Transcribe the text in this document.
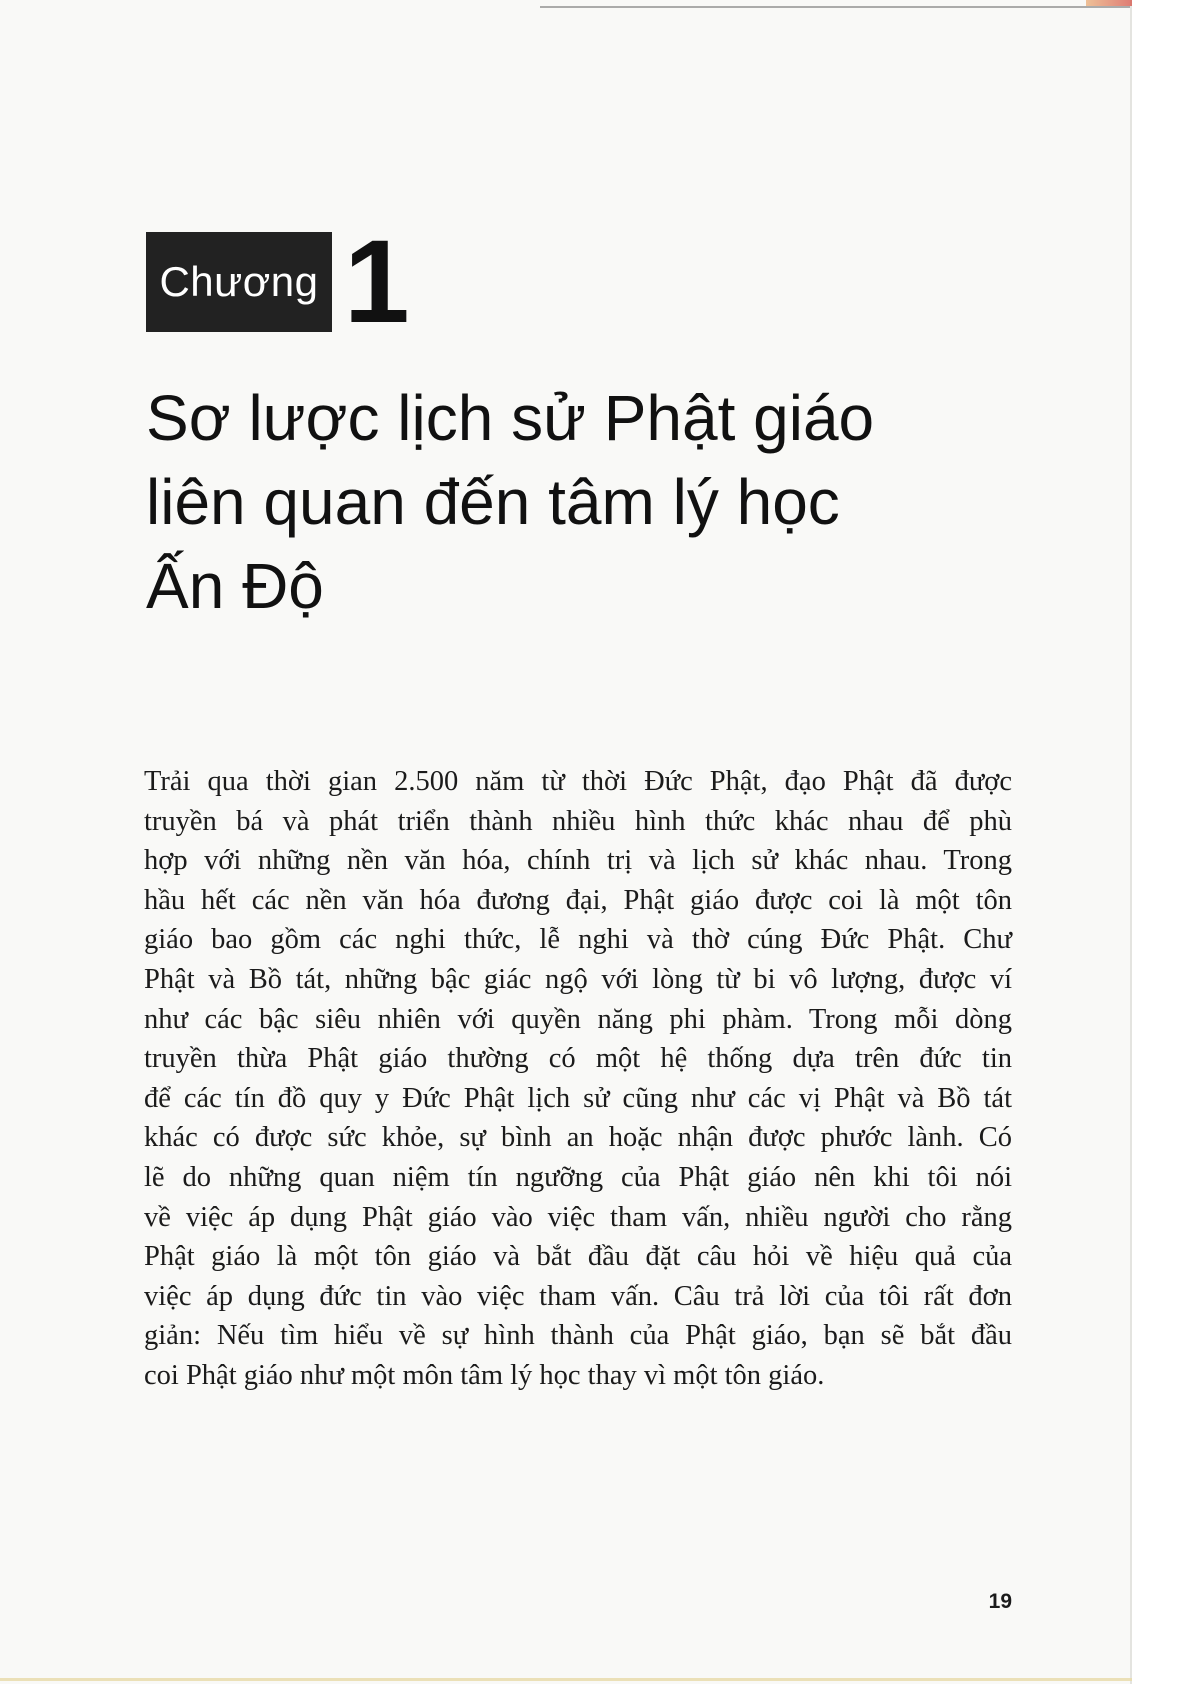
Chương 1
Sơ lược lịch sử Phật giáo
liên quan đến tâm lý học
Ấn Độ

Trải qua thời gian 2.500 năm từ thời Đức Phật, đạo Phật đã được
truyền bá và phát triển thành nhiều hình thức khác nhau để phù
hợp với những nền văn hóa, chính trị và lịch sử khác nhau. Trong
hầu hết các nền văn hóa đương đại, Phật giáo được coi là một tôn
giáo bao gồm các nghi thức, lễ nghi và thờ cúng Đức Phật. Chư
Phật và Bồ tát, những bậc giác ngộ với lòng từ bi vô lượng, được ví
như các bậc siêu nhiên với quyền năng phi phàm. Trong mỗi dòng
truyền thừa Phật giáo thường có một hệ thống dựa trên đức tin
để các tín đồ quy y Đức Phật lịch sử cũng như các vị Phật và Bồ tát
khác có được sức khỏe, sự bình an hoặc nhận được phước lành. Có
lẽ do những quan niệm tín ngưỡng của Phật giáo nên khi tôi nói
về việc áp dụng Phật giáo vào việc tham vấn, nhiều người cho rằng
Phật giáo là một tôn giáo và bắt đầu đặt câu hỏi về hiệu quả của
việc áp dụng đức tin vào việc tham vấn. Câu trả lời của tôi rất đơn
giản: Nếu tìm hiểu về sự hình thành của Phật giáo, bạn sẽ bắt đầu
coi Phật giáo như một môn tâm lý học thay vì một tôn giáo.

19
